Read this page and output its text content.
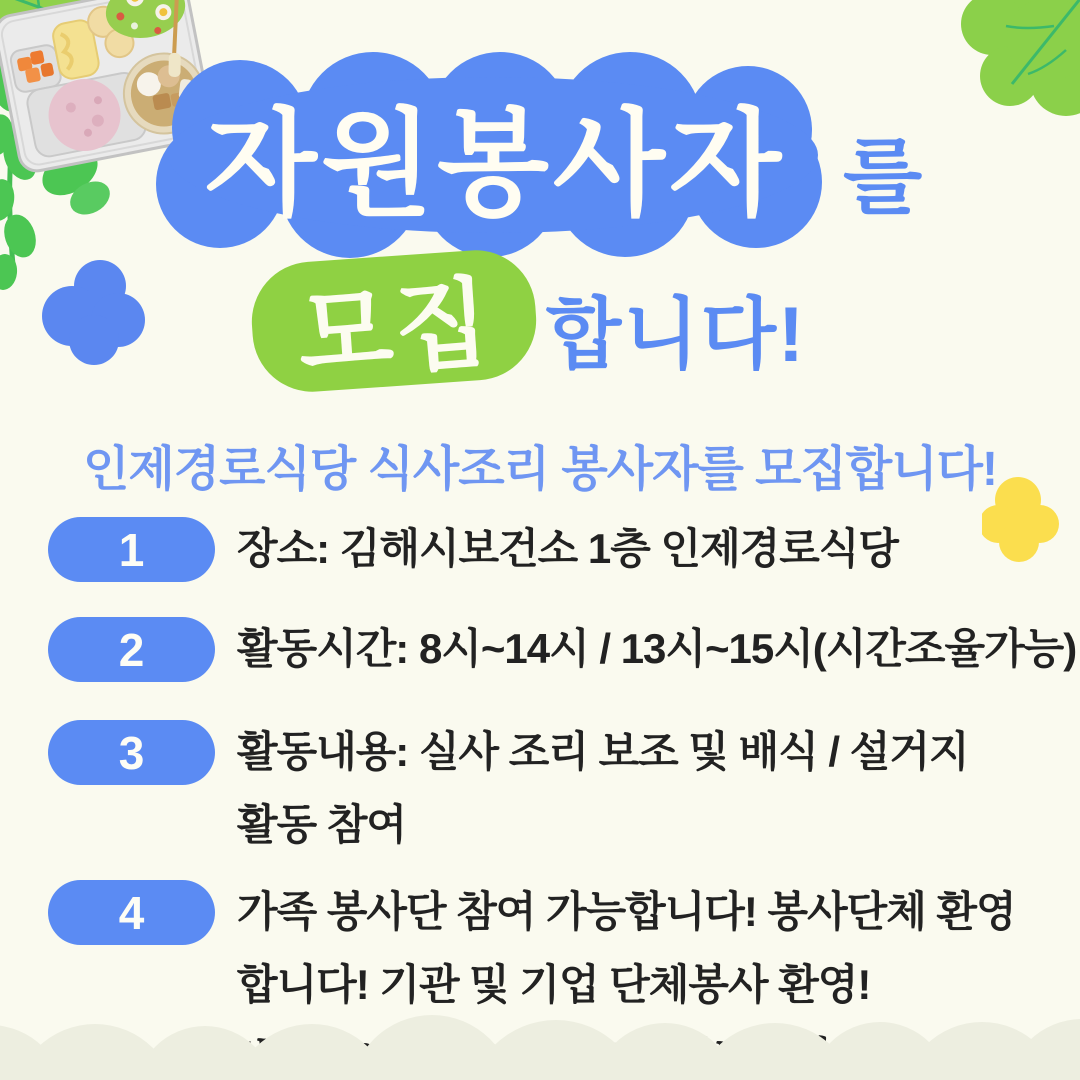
자원봉사자 를
모집 합니다!
인제경로식당 식사조리 봉사자를 모집합니다!
1 장소: 김해시보건소 1층 인제경로식당
2 활동시간: 8시~14시 / 13시~15시(시간조율가능)
3 활동내용: 실사 조리 보조 및 배식 / 설거지
활동 참여
4 가족 봉사단 참여 가능합니다! 봉사단체 환영
합니다! 기관 및 기업 단체봉사 환영!
